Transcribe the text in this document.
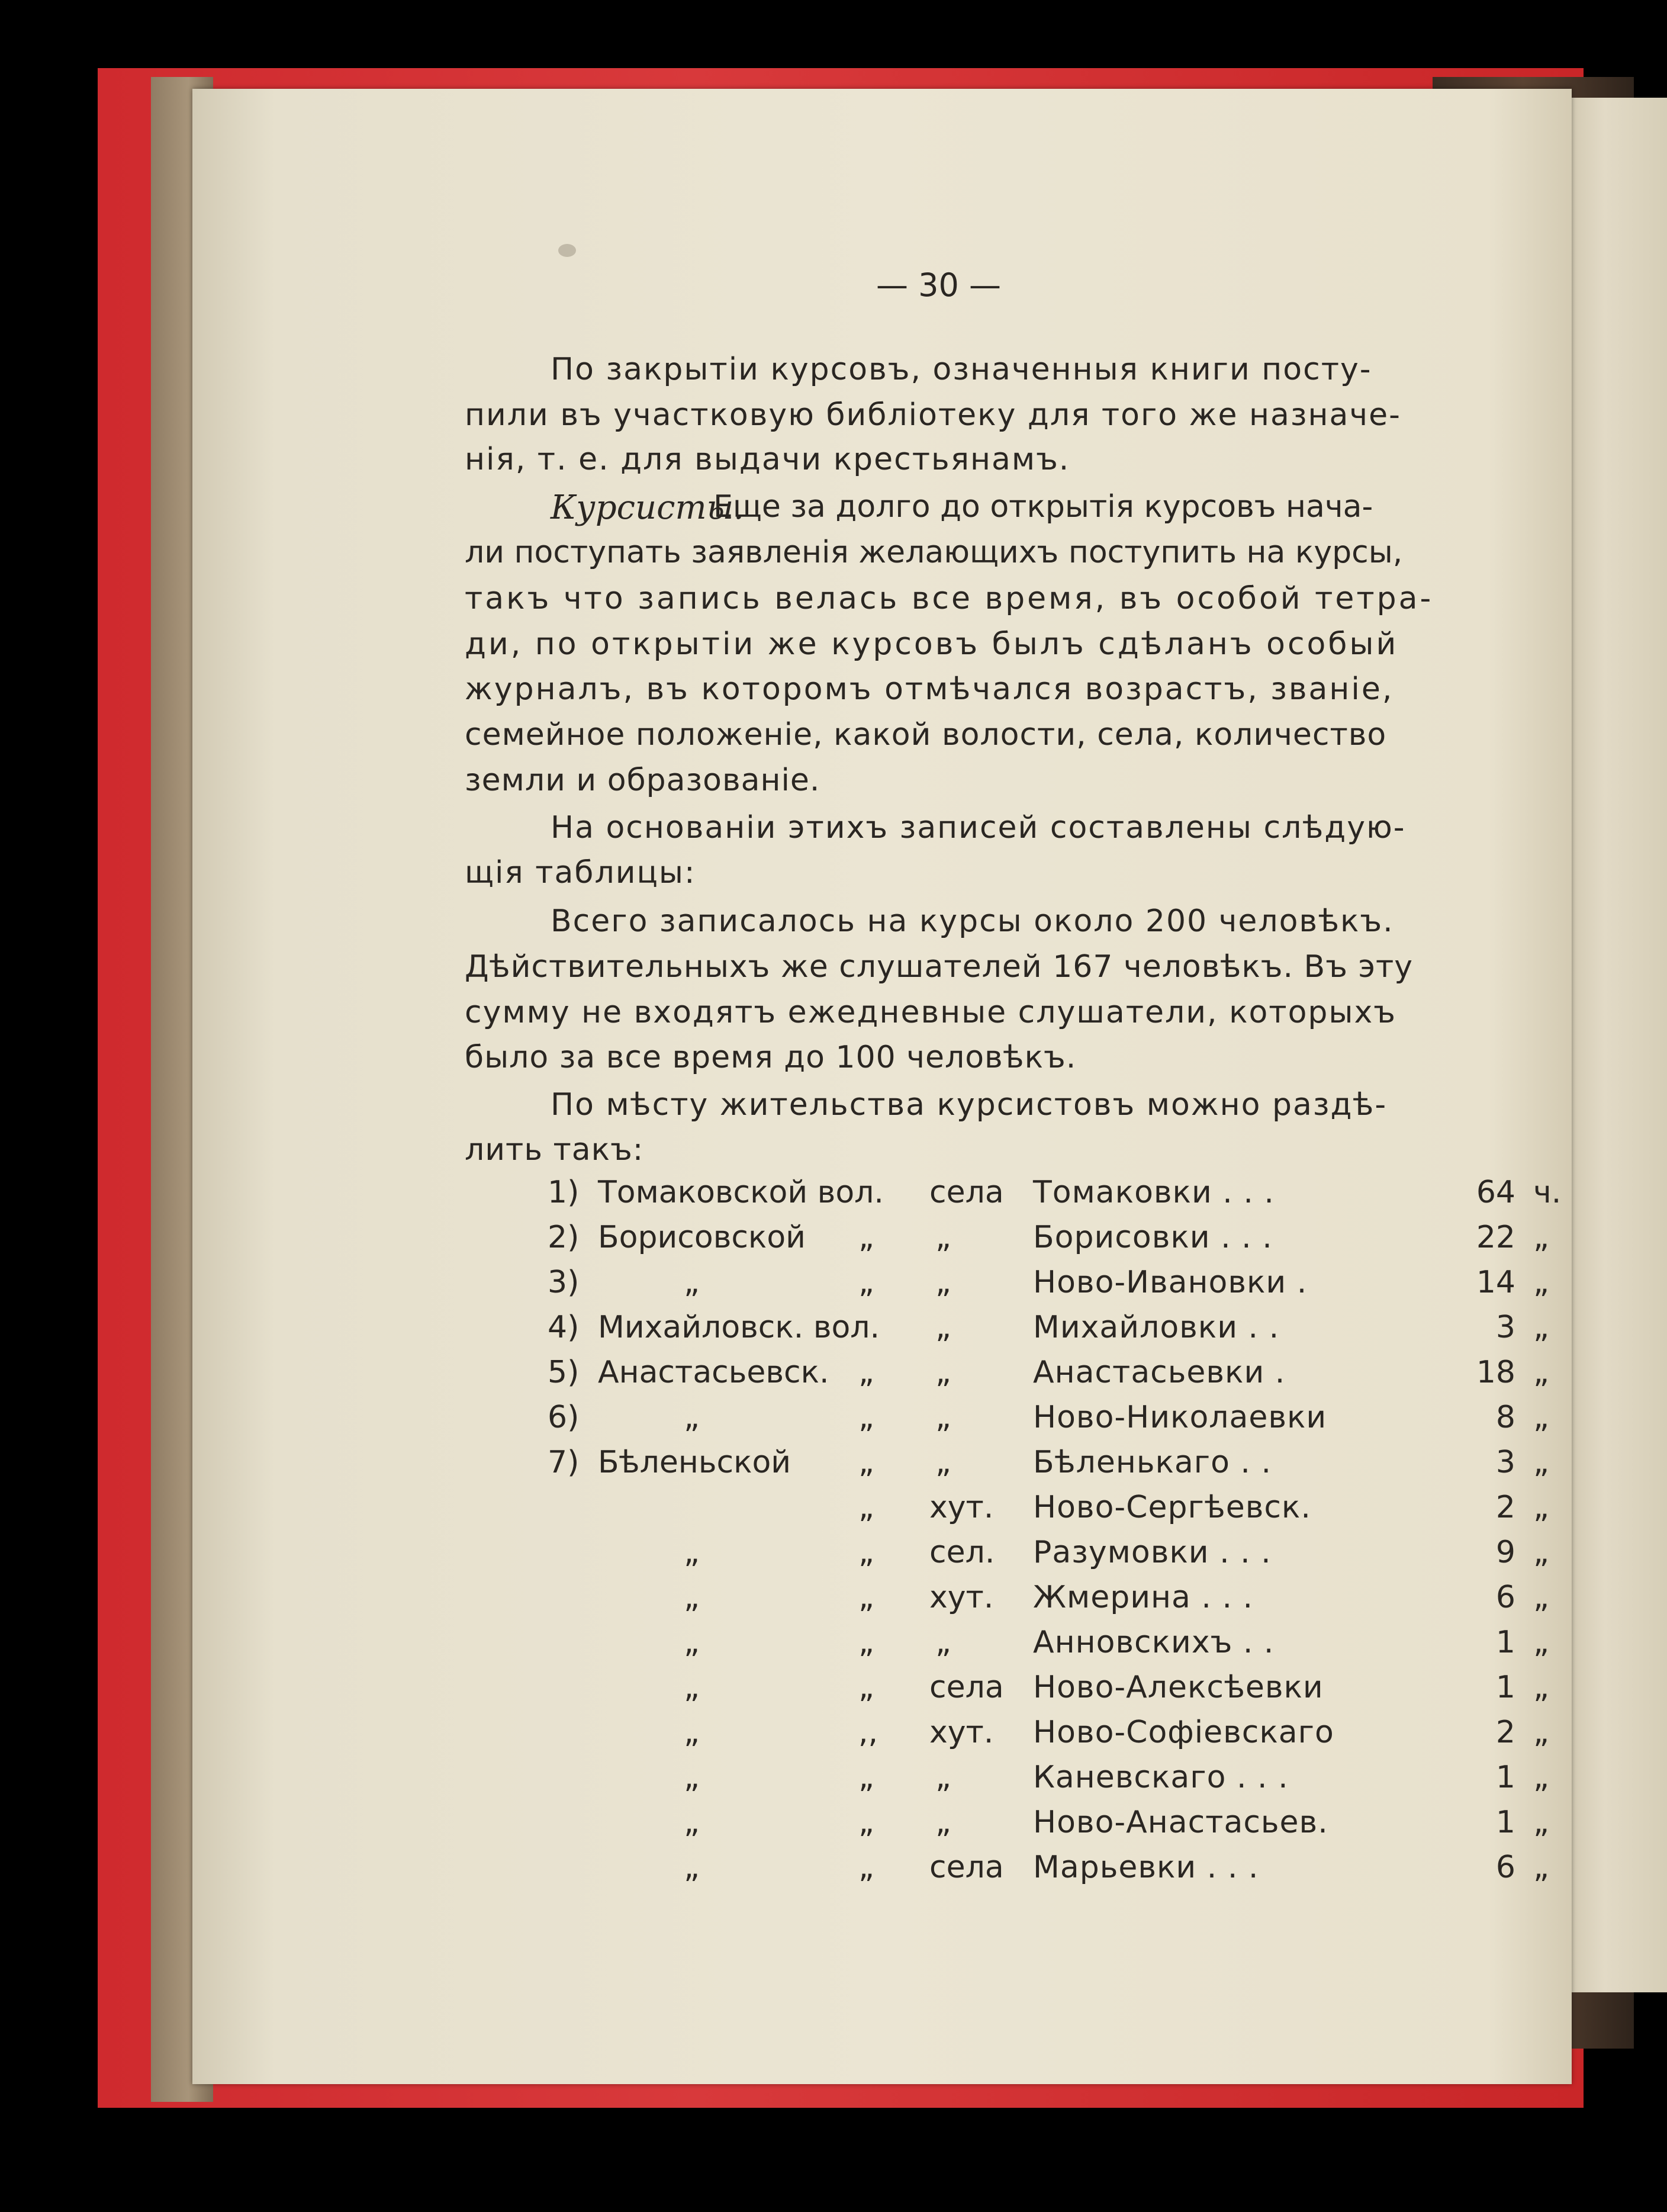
— 30 —
По закрытіи курсовъ, означенныя книги посту-
пили въ участковую библіотеку для того же назначе-
нія, т. е. для выдачи крестьянамъ.
Курсисты.
Еще за долго до открытія курсовъ нача-
ли поступать заявленія желающихъ поступить на курсы,
такъ что запись велась все время, въ особой тетра-
ди, по открытіи же курсовъ былъ сдѣланъ особый
журналъ, въ которомъ отмѣчался возрастъ, званіе,
семейное положеніе, какой волости, села, количество
земли и образованіе.
На основаніи этихъ записей составлены слѣдую-
щія таблицы:
Всего записалось на курсы около 200 человѣкъ.
Дѣйствительныхъ же слушателей 167 человѣкъ. Въ эту
сумму не входятъ ежедневные слушатели, которыхъ
было за все время до 100 человѣкъ.
По мѣсту жительства курсистовъ можно раздѣ-
лить такъ:
1) Томаковской вол. села Томаковки . . .	64 ч.
2) Борисовской „ „	Борисовки . . .	22 „
3)	„	„ „	Ново-Ивановки .	14 „
4) Михайловск. вол. „	Михайловки . .	3 „
5) Анастасьевск. „ „	Анастасьевки .	18 „
6)	„	„ „	Ново-Николаевки	8 „
7) Бѣленьской „ „	Бѣленькаго . .	3 „
„ хут. Ново-Сергѣевск.	2 „
„	„ сел. Разумовки . . .	9 „
„	„ хут. Жмерина . . .	6 „
„	„ „	Анновскихъ . .	1 „
„	„ села Ново-Алексѣевки	1 „
„	,, хут. Ново-Софіевскаго	2 „
„	„ „	Каневскаго . . .	1 „
„	„ „	Ново-Анастасьев.	1 „
„	„ села Марьевки . . .	6 „
